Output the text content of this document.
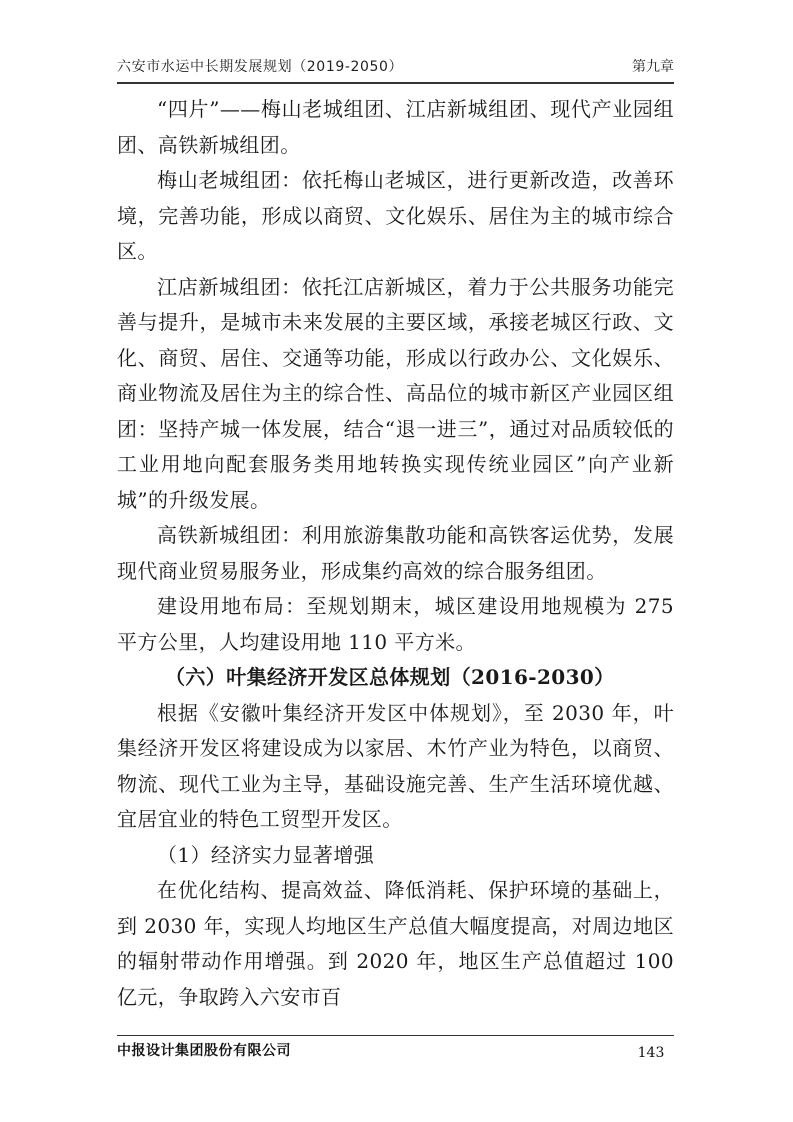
六安市水运中长期发展规划（2019-2050）	第九章

“四片”——梅山老城组团、江店新城组团、现代产业园组团、高铁新城组团。

梅山老城组团：依托梅山老城区，进行更新改造，改善环境，完善功能，形成以商贸、文化娱乐、居住为主的城市综合区。

江店新城组团：依托江店新城区，着力于公共服务功能完善与提升，是城市未来发展的主要区域，承接老城区行政、文化、商贸、居住、交通等功能，形成以行政办公、文化娱乐、商业物流及居住为主的综合性、高品位的城市新区产业园区组团：坚持产城一体发展，结合“退一进三”，通过对品质较低的工业用地向配套服务类用地转换实现传统业园区”向产业新城”的升级发展。

高铁新城组团：利用旅游集散功能和高铁客运优势，发展现代商业贸易服务业，形成集约高效的综合服务组团。

建设用地布局：至规划期末，城区建设用地规模为 275 平方公里，人均建设用地 110 平方米。

（六）叶集经济开发区总体规划（2016-2030）

根据《安徽叶集经济开发区中体规划》，至 2030 年，叶集经济开发区将建设成为以家居、木竹产业为特色，以商贸、物流、现代工业为主导，基础设施完善、生产生活环境优越、宜居宜业的特色工贸型开发区。

（1）经济实力显著增强

在优化结构、提高效益、降低消耗、保护环境的基础上，到 2030 年，实现人均地区生产总值大幅度提高，对周边地区的辐射带动作用增强。到 2020 年，地区生产总值超过 100 亿元，争取跨入六安市百

中报设计集团股份有限公司	143
